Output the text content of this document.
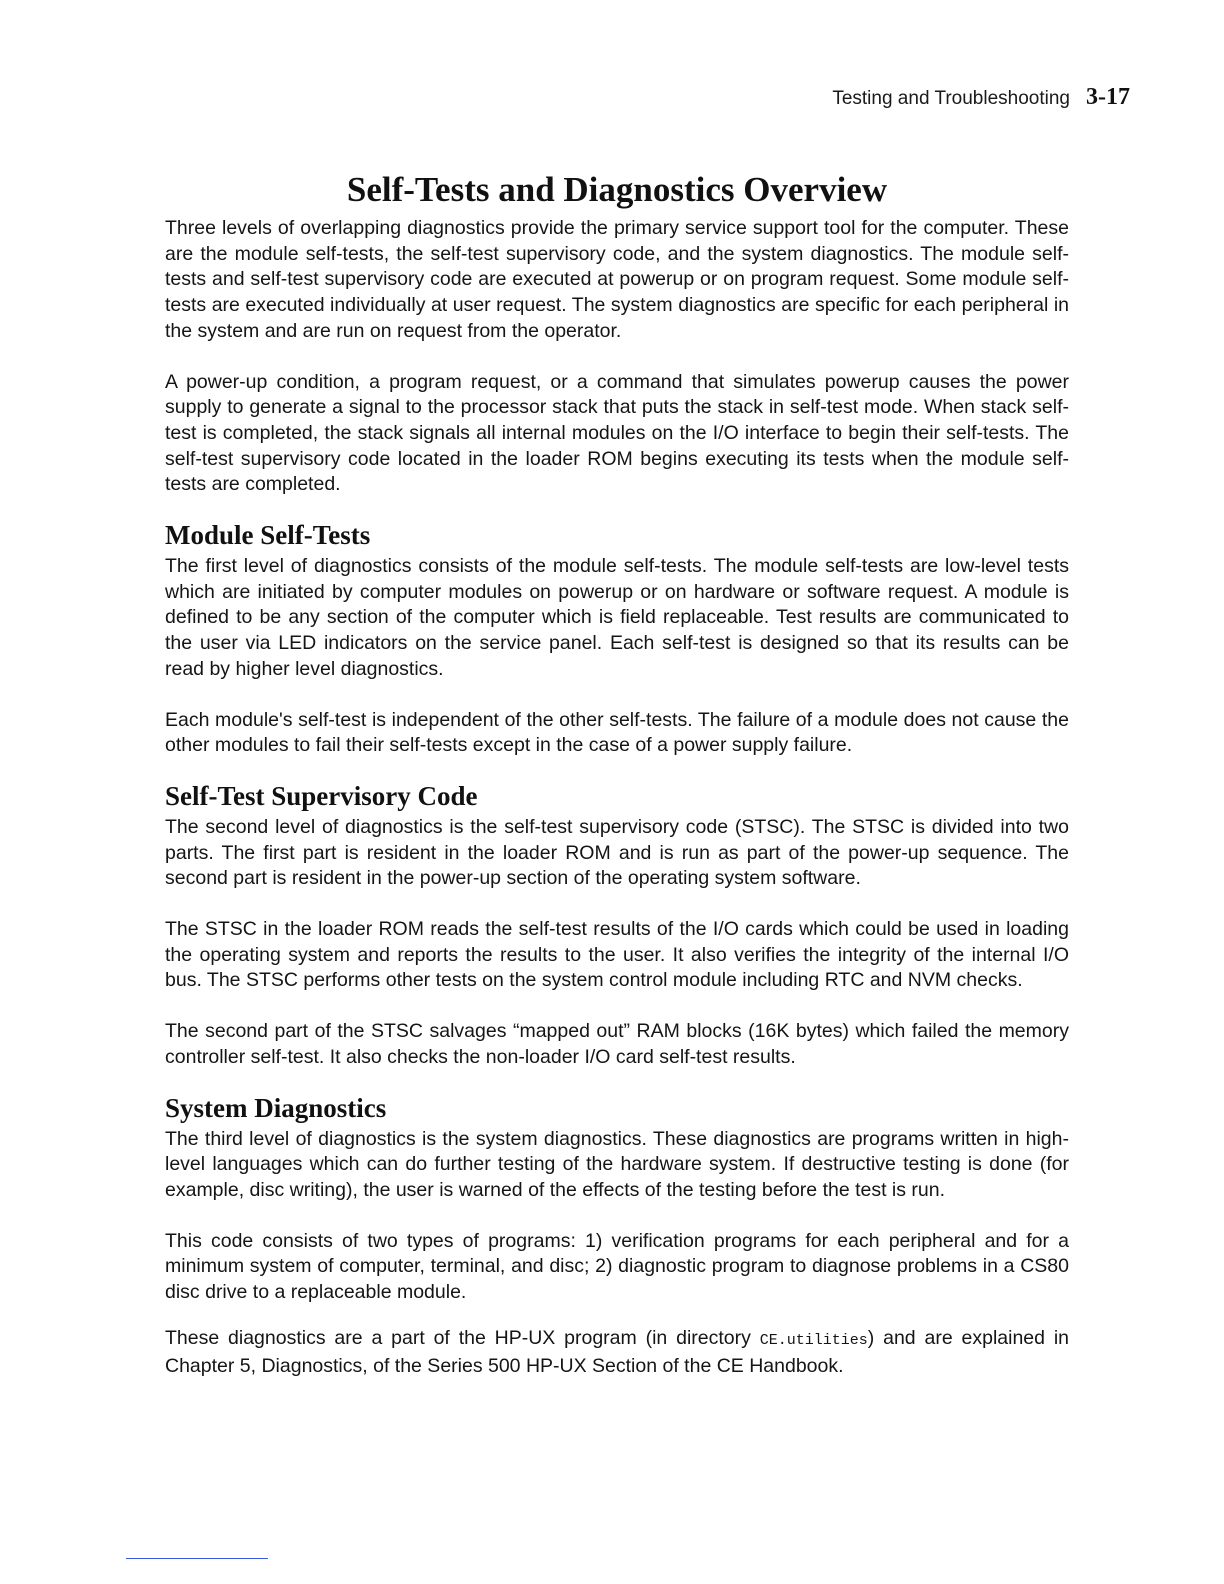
Testing and Troubleshooting 3-17
Self-Tests and Diagnostics Overview

Three levels of overlapping diagnostics provide the primary service support tool for the computer. These are the module self-tests, the self-test supervisory code, and the system diagnostics. The module self-tests and self-test supervisory code are executed at powerup or on program request. Some module self-tests are executed individually at user request. The system diagnostics are specific for each peripheral in the system and are run on request from the operator.

A power-up condition, a program request, or a command that simulates powerup causes the power supply to generate a signal to the processor stack that puts the stack in self-test mode. When stack self-test is completed, the stack signals all internal modules on the I/O interface to begin their self-tests. The self-test supervisory code located in the loader ROM begins executing its tests when the module self-tests are completed.

Module Self-Tests

The first level of diagnostics consists of the module self-tests. The module self-tests are low-level tests which are initiated by computer modules on powerup or on hardware or software request. A module is defined to be any section of the computer which is field replaceable. Test results are communicated to the user via LED indicators on the service panel. Each self-test is designed so that its results can be read by higher level diagnostics.

Each module's self-test is independent of the other self-tests. The failure of a module does not cause the other modules to fail their self-tests except in the case of a power supply failure.

Self-Test Supervisory Code

The second level of diagnostics is the self-test supervisory code (STSC). The STSC is divided into two parts. The first part is resident in the loader ROM and is run as part of the power-up sequence. The second part is resident in the power-up section of the operating system software.

The STSC in the loader ROM reads the self-test results of the I/O cards which could be used in loading the operating system and reports the results to the user. It also verifies the integrity of the internal I/O bus. The STSC performs other tests on the system control module including RTC and NVM checks.

The second part of the STSC salvages “mapped out” RAM blocks (16K bytes) which failed the memory controller self-test. It also checks the non-loader I/O card self-test results.

System Diagnostics

The third level of diagnostics is the system diagnostics. These diagnostics are programs written in high-level languages which can do further testing of the hardware system. If destructive testing is done (for example, disc writing), the user is warned of the effects of the testing before the test is run.

This code consists of two types of programs: 1) verification programs for each peripheral and for a minimum system of computer, terminal, and disc; 2) diagnostic program to diagnose problems in a CS80 disc drive to a replaceable module.

These diagnostics are a part of the HP-UX program (in directory CE.utilities) and are explained in Chapter 5, Diagnostics, of the Series 500 HP-UX Section of the CE Handbook.
